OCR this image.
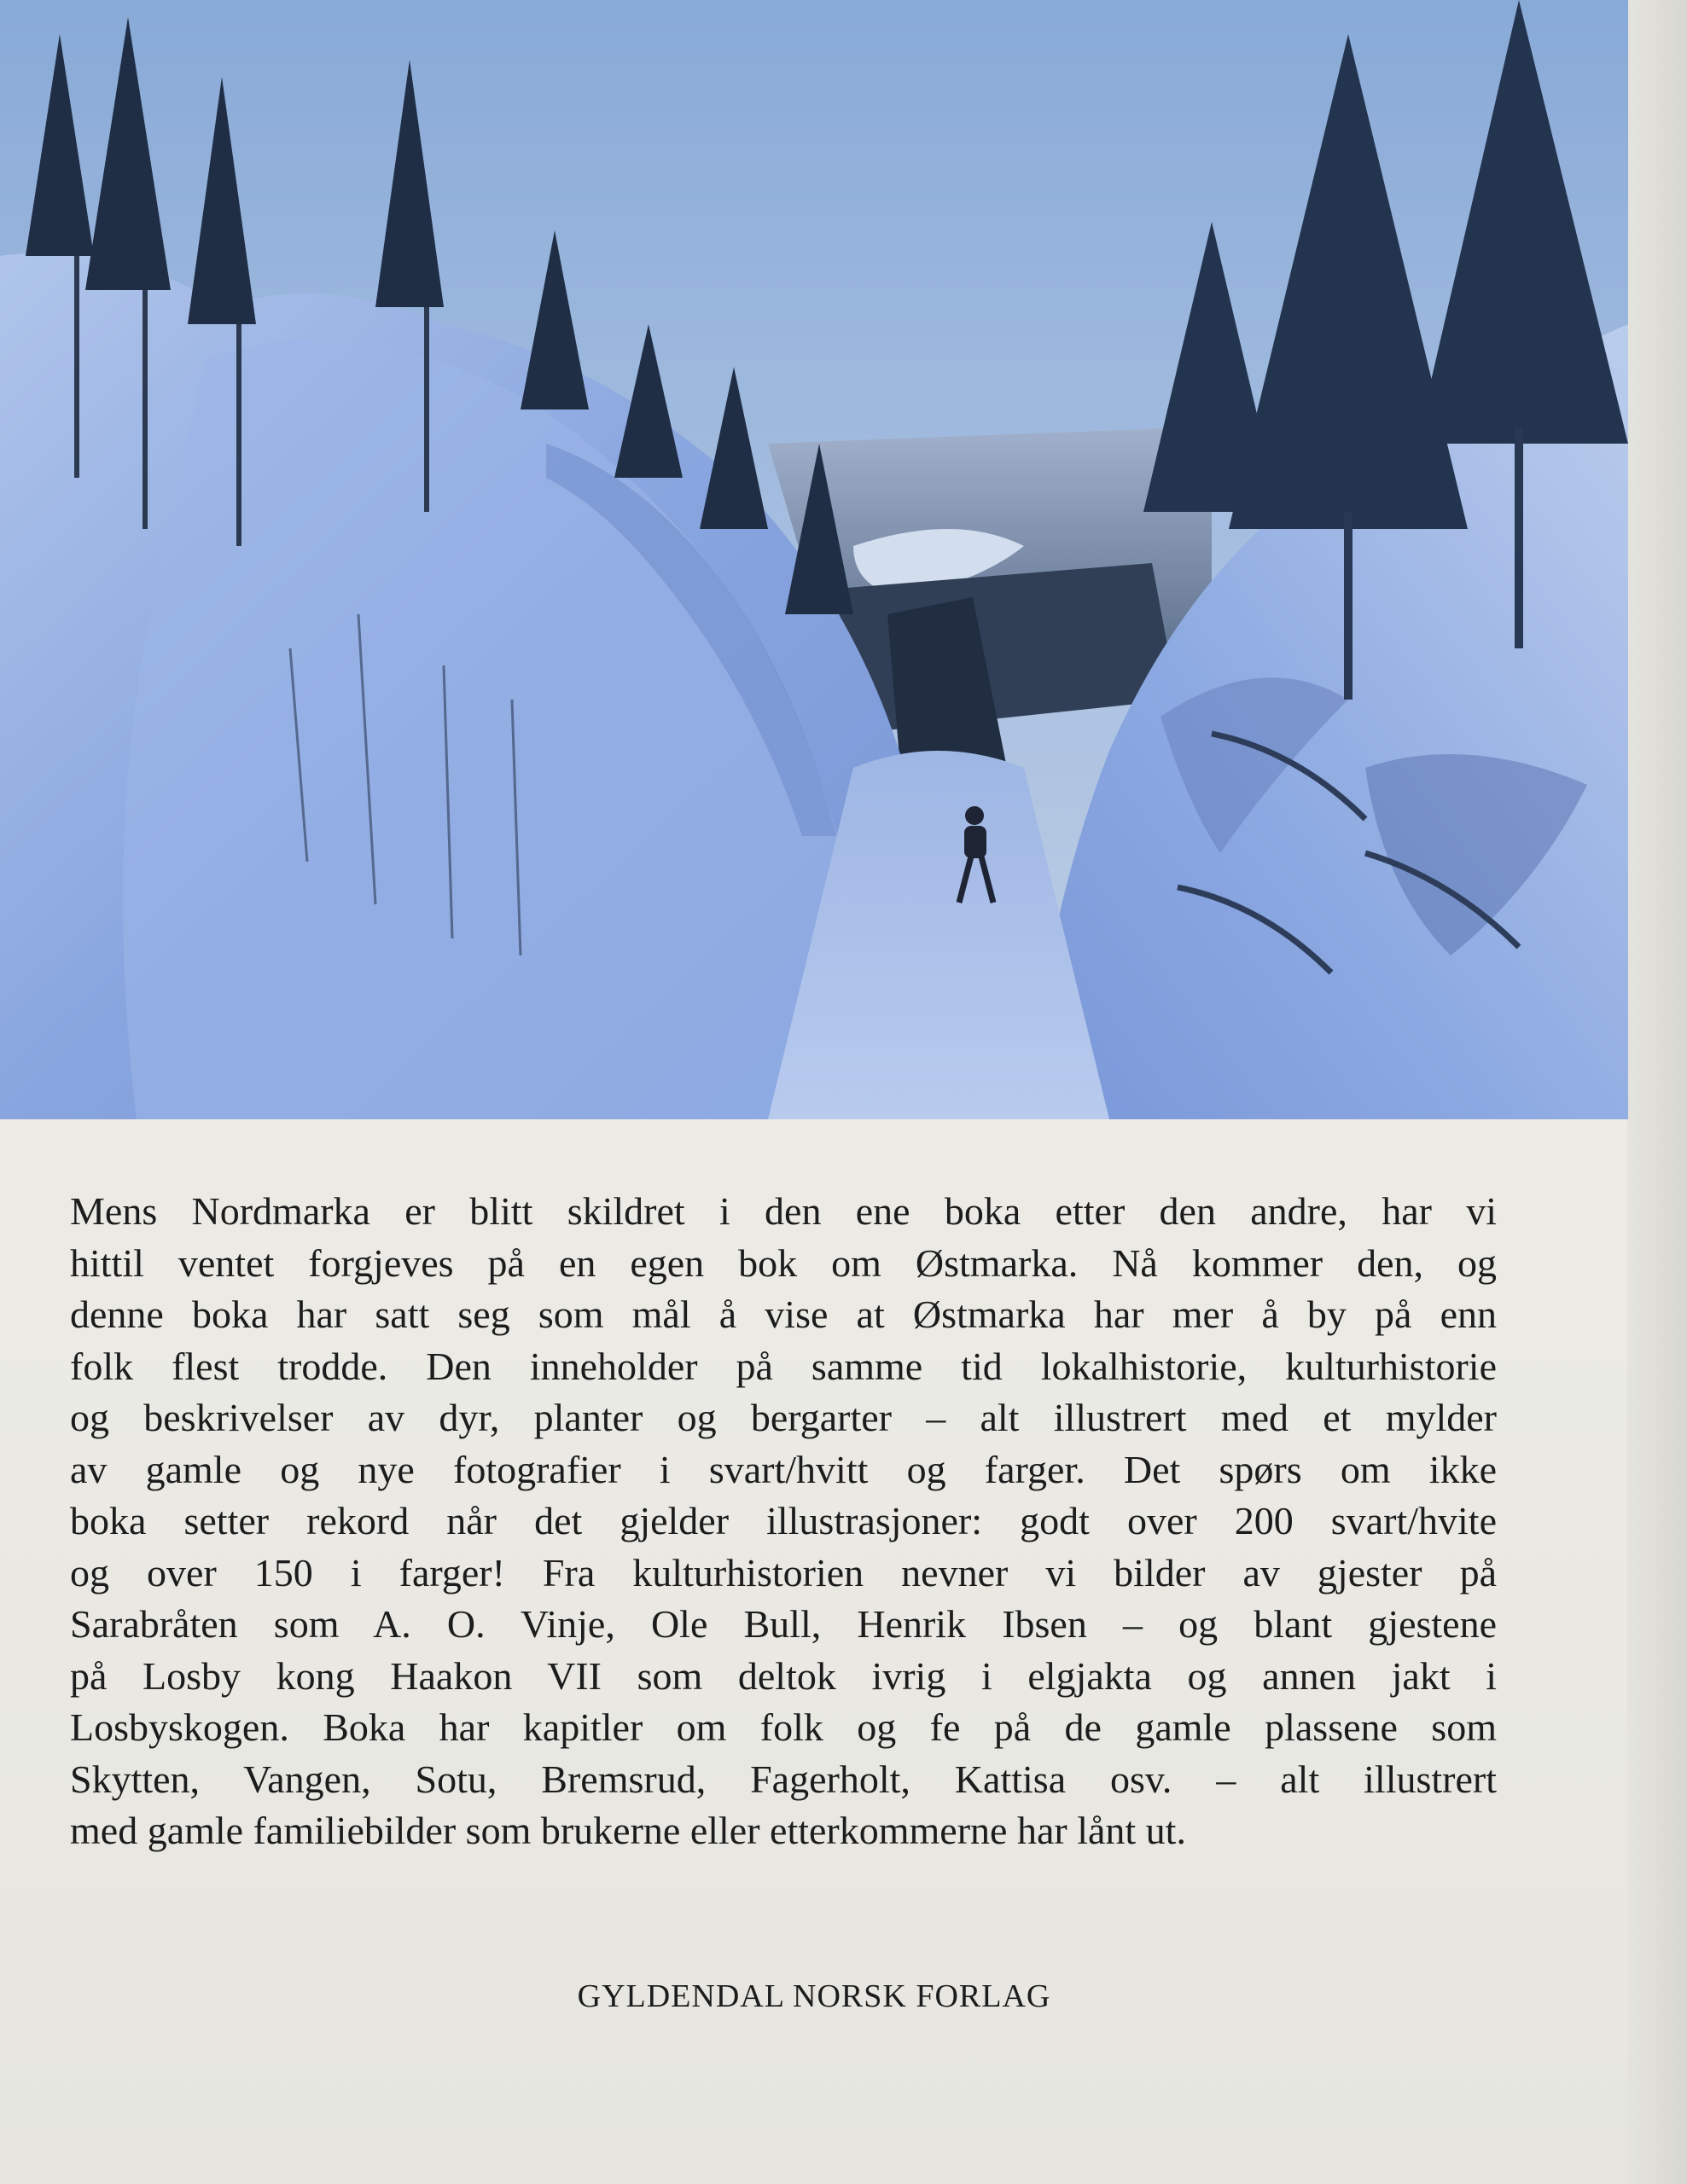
Mens Nordmarka er blitt skildret i den ene boka etter den andre, har vi
hittil ventet forgjeves på en egen bok om Østmarka. Nå kommer den, og
denne boka har satt seg som mål å vise at Østmarka har mer å by på enn
folk flest trodde. Den inneholder på samme tid lokalhistorie, kulturhistorie
og beskrivelser av dyr, planter og bergarter – alt illustrert med et mylder
av gamle og nye fotografier i svart/hvitt og farger. Det spørs om ikke
boka setter rekord når det gjelder illustrasjoner: godt over 200 svart/hvite
og over 150 i farger! Fra kulturhistorien nevner vi bilder av gjester på
Sarabråten som A. O. Vinje, Ole Bull, Henrik Ibsen – og blant gjestene
på Losby kong Haakon VII som deltok ivrig i elgjakta og annen jakt i
Losbyskogen. Boka har kapitler om folk og fe på de gamle plassene som
Skytten, Vangen, Sotu, Bremsrud, Fagerholt, Kattisa osv. – alt illustrert
med gamle familiebilder som brukerne eller etterkommerne har lånt ut.

GYLDENDAL NORSK FORLAG
